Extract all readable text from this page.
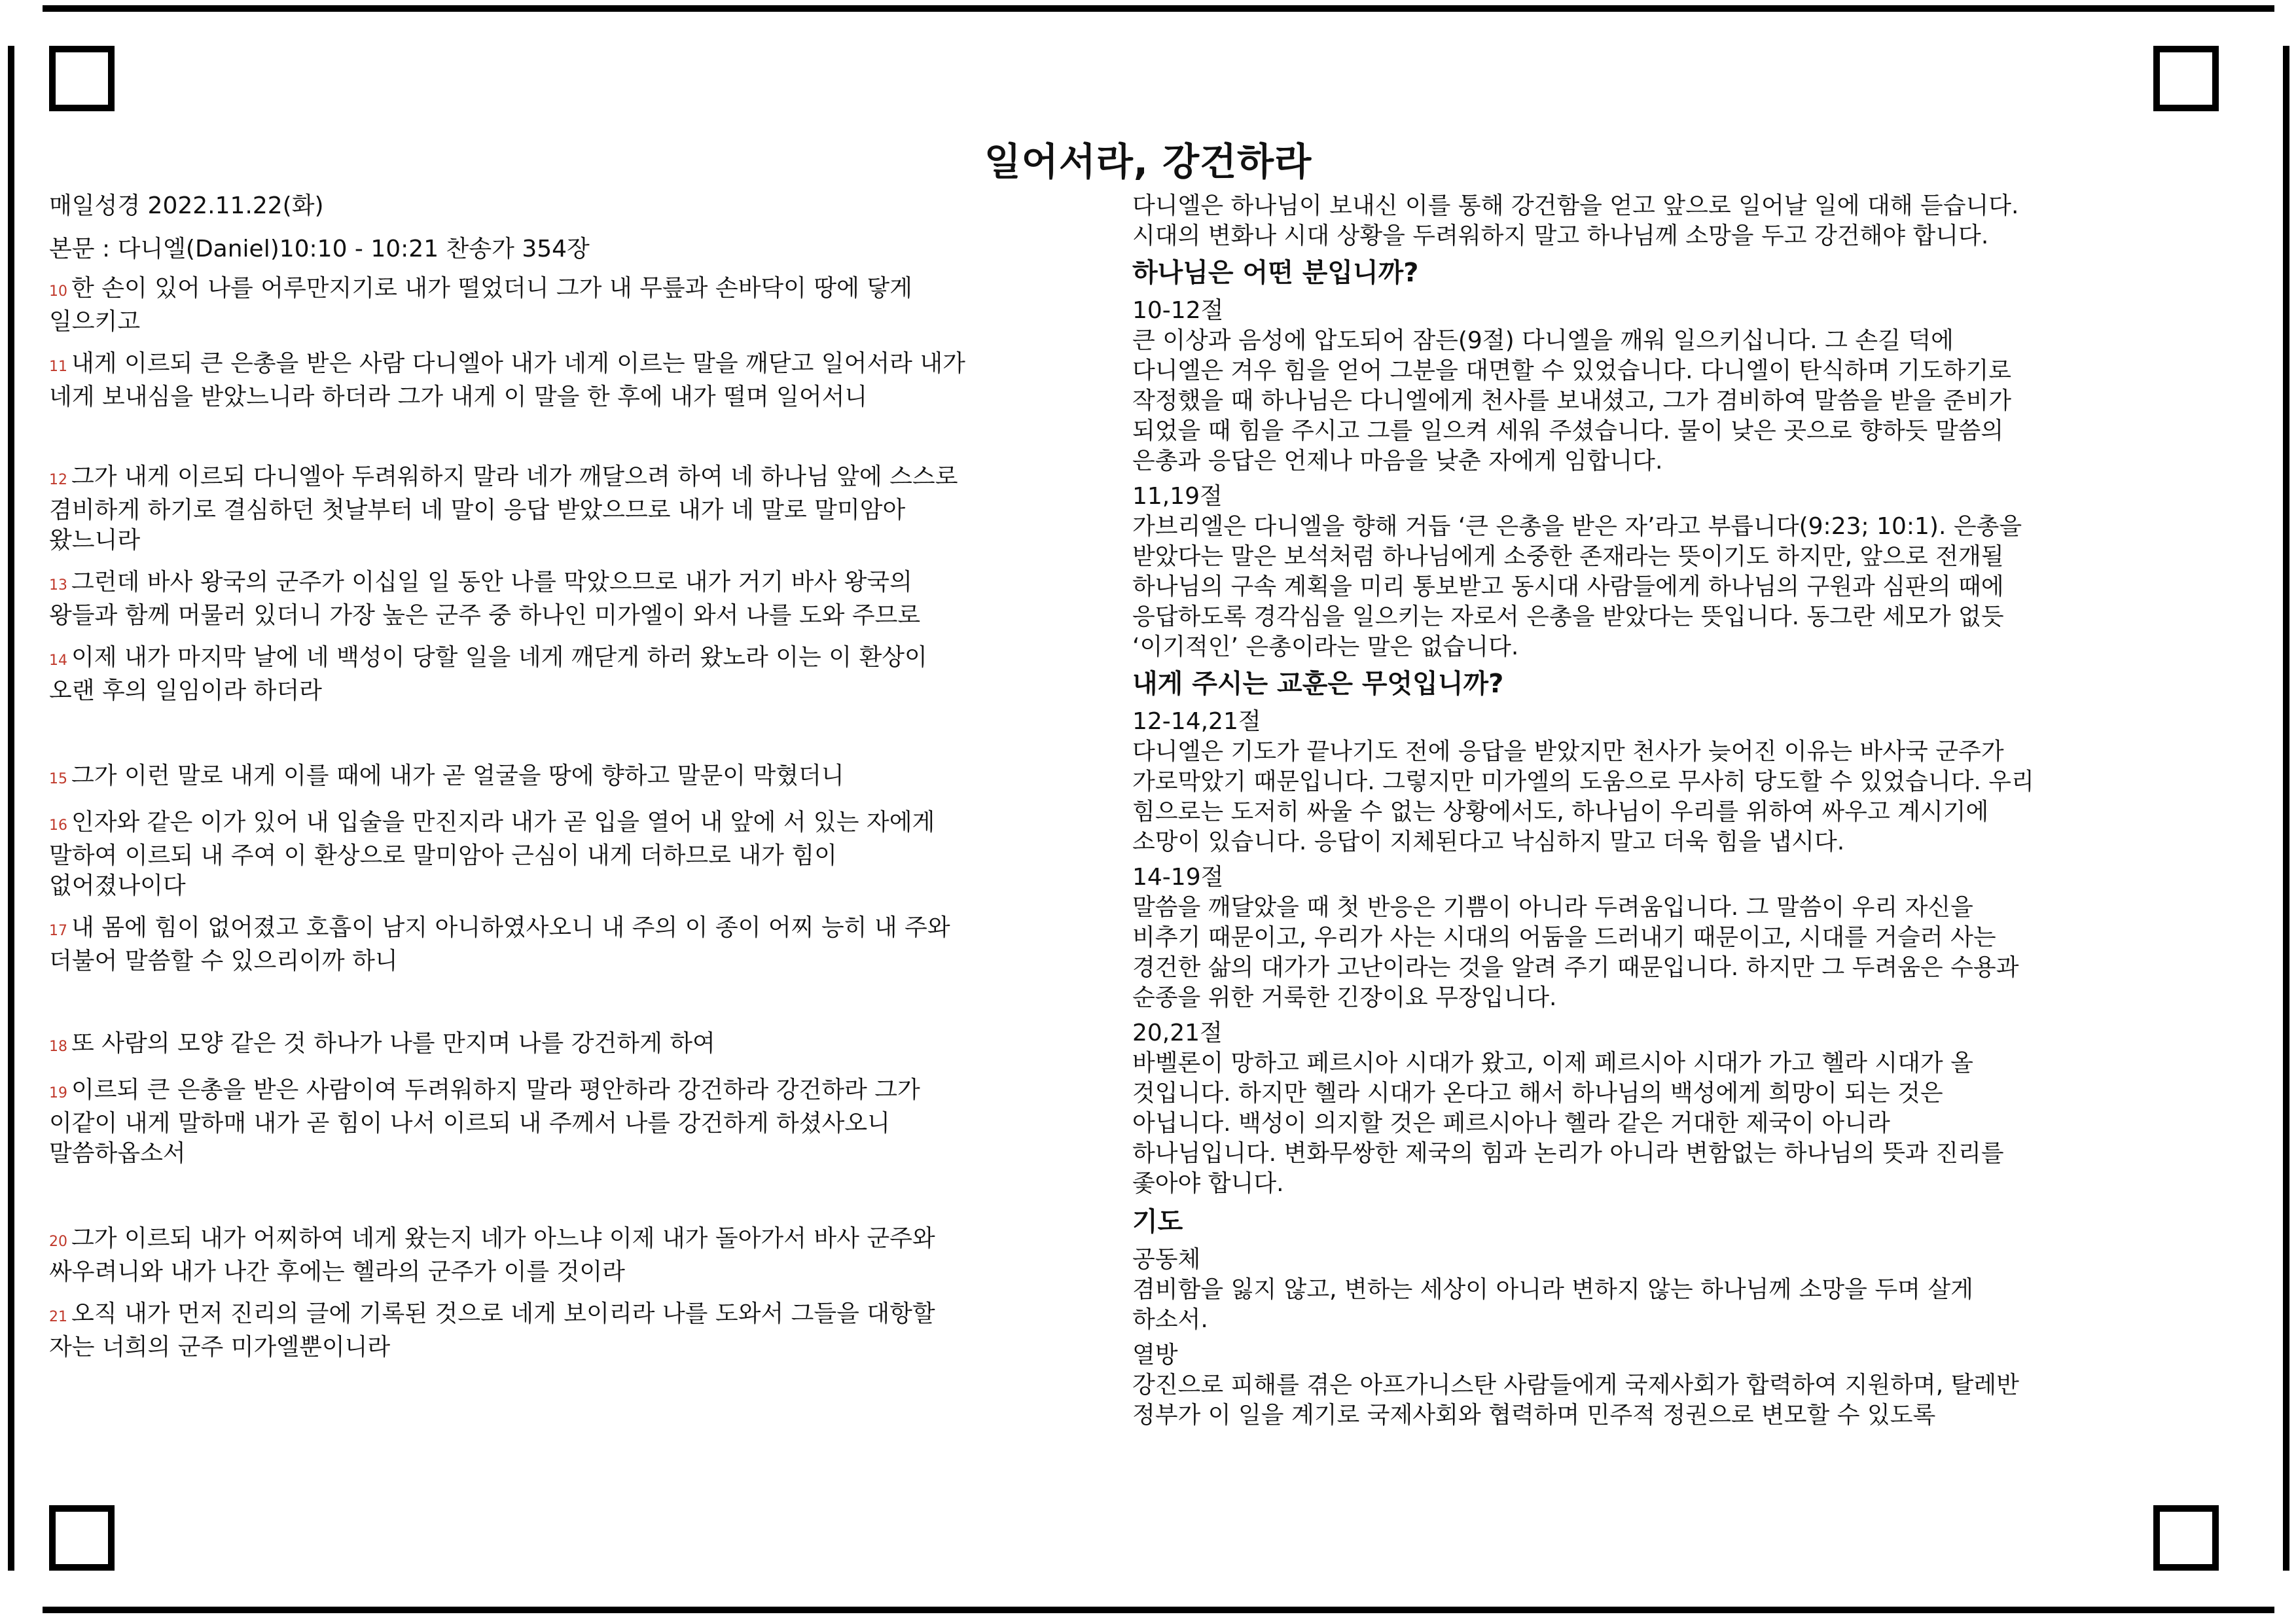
일어서라, 강건하라
매일성경 2022.11.22(화)
본문 : 다니엘(Daniel)10:10 - 10:21 찬송가 354장
10 한 손이 있어 나를 어루만지기로 내가 떨었더니 그가 내 무릎과 손바닥이 땅에 닿게
일으키고
11 내게 이르되 큰 은총을 받은 사람 다니엘아 내가 네게 이르는 말을 깨닫고 일어서라 내가
네게 보내심을 받았느니라 하더라 그가 내게 이 말을 한 후에 내가 떨며 일어서니
12 그가 내게 이르되 다니엘아 두려워하지 말라 네가 깨달으려 하여 네 하나님 앞에 스스로
겸비하게 하기로 결심하던 첫날부터 네 말이 응답 받았으므로 내가 네 말로 말미암아
왔느니라
13 그런데 바사 왕국의 군주가 이십일 일 동안 나를 막았으므로 내가 거기 바사 왕국의
왕들과 함께 머물러 있더니 가장 높은 군주 중 하나인 미가엘이 와서 나를 도와 주므로
14 이제 내가 마지막 날에 네 백성이 당할 일을 네게 깨닫게 하러 왔노라 이는 이 환상이
오랜 후의 일임이라 하더라
15 그가 이런 말로 내게 이를 때에 내가 곧 얼굴을 땅에 향하고 말문이 막혔더니
16 인자와 같은 이가 있어 내 입술을 만진지라 내가 곧 입을 열어 내 앞에 서 있는 자에게
말하여 이르되 내 주여 이 환상으로 말미암아 근심이 내게 더하므로 내가 힘이
없어졌나이다
17 내 몸에 힘이 없어졌고 호흡이 남지 아니하였사오니 내 주의 이 종이 어찌 능히 내 주와
더불어 말씀할 수 있으리이까 하니
18 또 사람의 모양 같은 것 하나가 나를 만지며 나를 강건하게 하여
19 이르되 큰 은총을 받은 사람이여 두려워하지 말라 평안하라 강건하라 강건하라 그가
이같이 내게 말하매 내가 곧 힘이 나서 이르되 내 주께서 나를 강건하게 하셨사오니
말씀하옵소서
20 그가 이르되 내가 어찌하여 네게 왔는지 네가 아느냐 이제 내가 돌아가서 바사 군주와
싸우려니와 내가 나간 후에는 헬라의 군주가 이를 것이라
21 오직 내가 먼저 진리의 글에 기록된 것으로 네게 보이리라 나를 도와서 그들을 대항할
자는 너희의 군주 미가엘뿐이니라
다니엘은 하나님이 보내신 이를 통해 강건함을 얻고 앞으로 일어날 일에 대해 듣습니다.
시대의 변화나 시대 상황을 두려워하지 말고 하나님께 소망을 두고 강건해야 합니다.
하나님은 어떤 분입니까?
10-12절
큰 이상과 음성에 압도되어 잠든(9절) 다니엘을 깨워 일으키십니다. 그 손길 덕에
다니엘은 겨우 힘을 얻어 그분을 대면할 수 있었습니다. 다니엘이 탄식하며 기도하기로
작정했을 때 하나님은 다니엘에게 천사를 보내셨고, 그가 겸비하여 말씀을 받을 준비가
되었을 때 힘을 주시고 그를 일으켜 세워 주셨습니다. 물이 낮은 곳으로 향하듯 말씀의
은총과 응답은 언제나 마음을 낮춘 자에게 임합니다.
11,19절
가브리엘은 다니엘을 향해 거듭 ‘큰 은총을 받은 자’라고 부릅니다(9:23; 10:1). 은총을
받았다는 말은 보석처럼 하나님에게 소중한 존재라는 뜻이기도 하지만, 앞으로 전개될
하나님의 구속 계획을 미리 통보받고 동시대 사람들에게 하나님의 구원과 심판의 때에
응답하도록 경각심을 일으키는 자로서 은총을 받았다는 뜻입니다. 동그란 세모가 없듯
‘이기적인’ 은총이라는 말은 없습니다.
내게 주시는 교훈은 무엇입니까?
12-14,21절
다니엘은 기도가 끝나기도 전에 응답을 받았지만 천사가 늦어진 이유는 바사국 군주가
가로막았기 때문입니다. 그렇지만 미가엘의 도움으로 무사히 당도할 수 있었습니다. 우리
힘으로는 도저히 싸울 수 없는 상황에서도, 하나님이 우리를 위하여 싸우고 계시기에
소망이 있습니다. 응답이 지체된다고 낙심하지 말고 더욱 힘을 냅시다.
14-19절
말씀을 깨달았을 때 첫 반응은 기쁨이 아니라 두려움입니다. 그 말씀이 우리 자신을
비추기 때문이고, 우리가 사는 시대의 어둠을 드러내기 때문이고, 시대를 거슬러 사는
경건한 삶의 대가가 고난이라는 것을 알려 주기 때문입니다. 하지만 그 두려움은 수용과
순종을 위한 거룩한 긴장이요 무장입니다.
20,21절
바벨론이 망하고 페르시아 시대가 왔고, 이제 페르시아 시대가 가고 헬라 시대가 올
것입니다. 하지만 헬라 시대가 온다고 해서 하나님의 백성에게 희망이 되는 것은
아닙니다. 백성이 의지할 것은 페르시아나 헬라 같은 거대한 제국이 아니라
하나님입니다. 변화무쌍한 제국의 힘과 논리가 아니라 변함없는 하나님의 뜻과 진리를
좇아야 합니다.
기도
공동체
겸비함을 잃지 않고, 변하는 세상이 아니라 변하지 않는 하나님께 소망을 두며 살게
하소서.
열방
강진으로 피해를 겪은 아프가니스탄 사람들에게 국제사회가 합력하여 지원하며, 탈레반
정부가 이 일을 계기로 국제사회와 협력하며 민주적 정권으로 변모할 수 있도록
